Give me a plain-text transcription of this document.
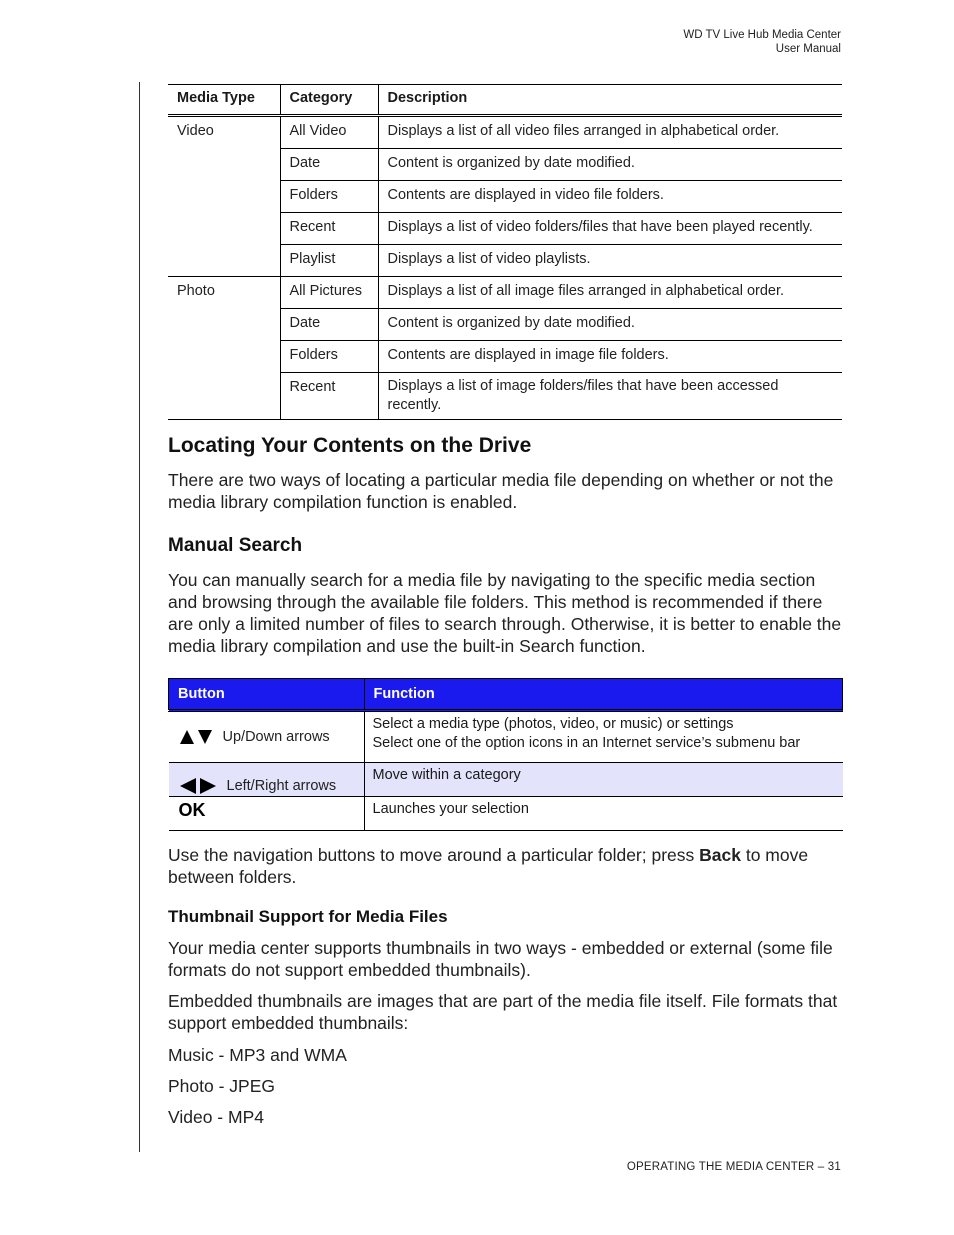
WD TV Live Hub Media Center
User Manual
Media Type	Category	Description
Video	All Video	Displays a list of all video files arranged in alphabetical order.
	Date	Content is organized by date modified.
	Folders	Contents are displayed in video file folders.
	Recent	Displays a list of video folders/files that have been played recently.
	Playlist	Displays a list of video playlists.
Photo	All Pictures	Displays a list of all image files arranged in alphabetical order.
	Date	Content is organized by date modified.
	Folders	Contents are displayed in image file folders.
	Recent	Displays a list of image folders/files that have been accessed recently.
Locating Your Contents on the Drive
There are two ways of locating a particular media file depending on whether or not the media library compilation function is enabled.
Manual Search
You can manually search for a media file by navigating to the specific media section and browsing through the available file folders. This method is recommended if there are only a limited number of files to search through. Otherwise, it is better to enable the media library compilation and use the built-in Search function.
Button	Function

Up/Down arrows	Select a media type (photos, video, or music) or settings
Select one of the option icons in an Internet service’s submenu bar

Left/Right arrows	Move within a category
OK	Launches your selection
Use the navigation buttons to move around a particular folder; press Back to move between folders.
Thumbnail Support for Media Files
Your media center supports thumbnails in two ways - embedded or external (some file formats do not support embedded thumbnails).
Embedded thumbnails are images that are part of the media file itself. File formats that support embedded thumbnails:
Music - MP3 and WMA
Photo - JPEG
Video - MP4
OPERATING THE MEDIA CENTER – 31
